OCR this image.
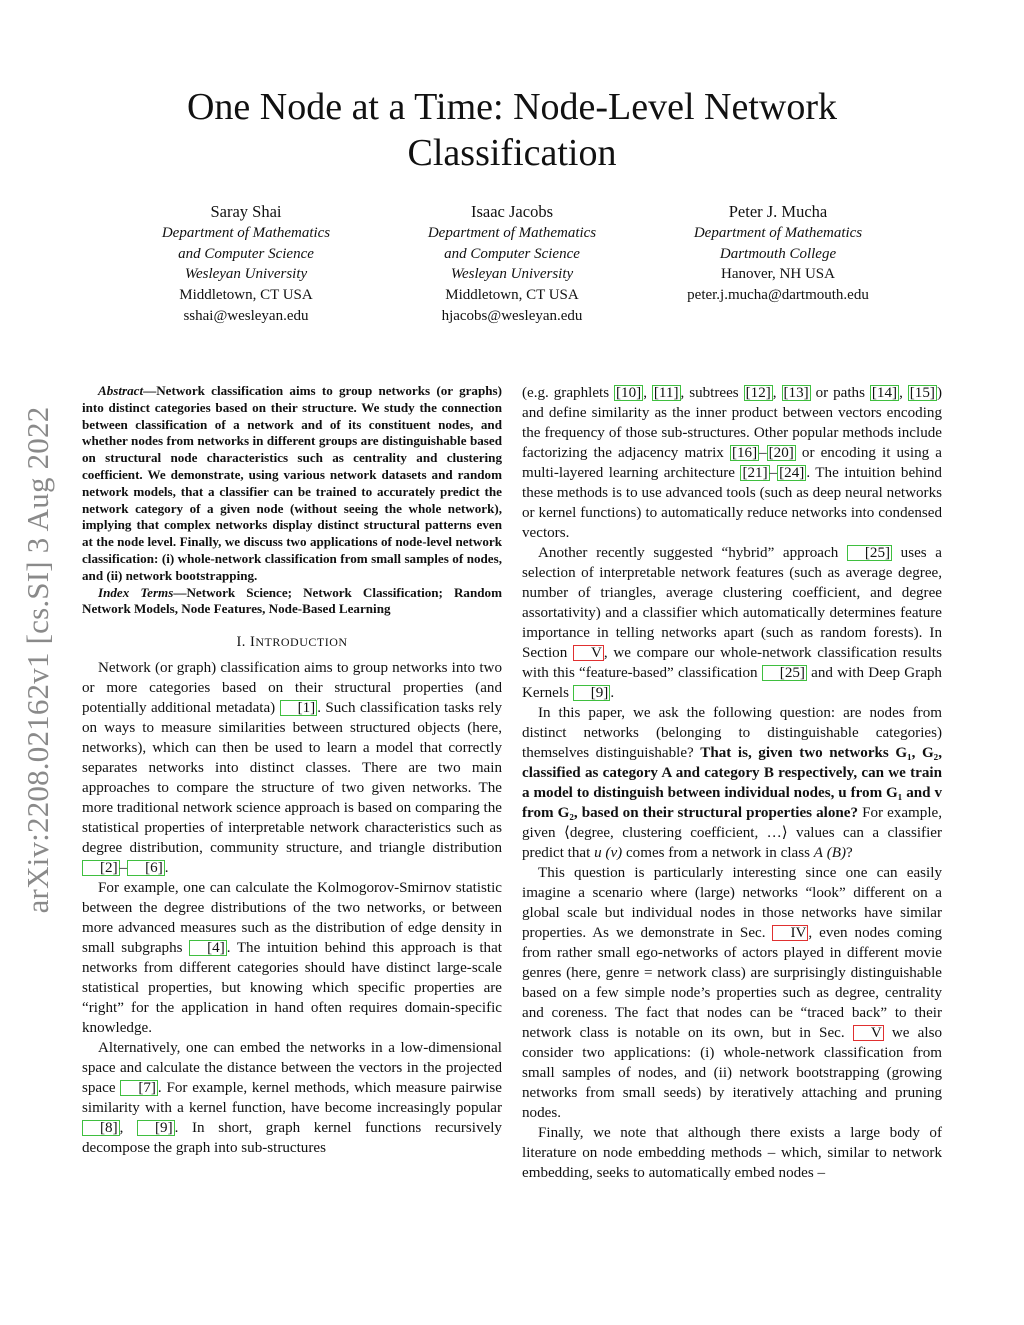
arXiv:2208.02162v1 [cs.SI] 3 Aug 2022
One Node at a Time: Node-Level Network
Classification
Saray Shai
Department of Mathematics
and Computer Science
Wesleyan University
Middletown, CT USA
sshai@wesleyan.edu
Isaac Jacobs
Department of Mathematics
and Computer Science
Wesleyan University
Middletown, CT USA
hjacobs@wesleyan.edu
Peter J. Mucha
Department of Mathematics
Dartmouth College
Hanover, NH USA
peter.j.mucha@dartmouth.edu

Abstract—Network classification aims to group networks (or graphs) into distinct categories based on their structure. We study the connection between classification of a network and of its constituent nodes, and whether nodes from networks in different groups are distinguishable based on structural node characteristics such as centrality and clustering coefficient. We demonstrate, using various network datasets and random network models, that a classifier can be trained to accurately predict the network category of a given node (without seeing the whole network), implying that complex networks display distinct structural patterns even at the node level. Finally, we discuss two applications of node-level network classification: (i) whole-network classification from small samples of nodes, and (ii) network bootstrapping.

Index Terms—Network Science; Network Classification; Random Network Models, Node Features, Node-Based Learning

I. INTRODUCTION

Network (or graph) classification aims to group networks into two or more categories based on their structural properties (and potentially additional metadata) [1] . Such classification tasks rely on ways to measure similarities between structured objects (here, networks), which can then be used to learn a model that correctly separates networks into distinct classes. There are two main approaches to compare the structure of two given networks. The more traditional network science approach is based on comparing the statistical properties of interpretable network characteristics such as degree distribution, community structure, and triangle distribution [2] – [6] .

For example, one can calculate the Kolmogorov-Smirnov statistic between the degree distributions of the two networks, or between more advanced measures such as the distribution of edge density in small subgraphs [4] . The intuition behind this approach is that networks from different categories should have distinct large-scale statistical properties, but knowing which specific properties are “right” for the application in hand often requires domain-specific knowledge.

Alternatively, one can embed the networks in a low-dimensional space and calculate the distance between the vectors in the projected space [7] . For example, kernel methods, which measure pairwise similarity with a kernel function, have become increasingly popular [8] , [9] . In short, graph kernel functions recursively decompose the graph into sub-structures

(e.g. graphlets [10] , [11] , subtrees [12] , [13] or paths [14] , [15] ) and define similarity as the inner product between vectors encoding the frequency of those sub-structures. Other popular methods include factorizing the adjacency matrix [16] – [20] or encoding it using a multi-layered learning architecture [21] – [24] . The intuition behind these methods is to use advanced tools (such as deep neural networks or kernel functions) to automatically reduce networks into condensed vectors.

Another recently suggested “hybrid” approach [25] uses a selection of interpretable network features (such as average degree, number of triangles, average clustering coefficient, and degree assortativity) and a classifier which automatically determines feature importance in telling networks apart (such as random forests). In Section V , we compare our whole-network classification results with this “feature-based” classification [25] and with Deep Graph Kernels [9] .

In this paper, we ask the following question: are nodes from distinct networks (belonging to distinguishable categories) themselves distinguishable? That is, given two networks G₁, G₂, classified as category A and category B respectively, can we train a model to distinguish between individual nodes, u from G₁ and v from G₂, based on their structural properties alone? For example, given ⟨degree, clustering coefficient, …⟩ values can a classifier predict that u (v) comes from a network in class A (B)?

This question is particularly interesting since one can easily imagine a scenario where (large) networks “look” different on a global scale but individual nodes in those networks have similar properties. As we demonstrate in Sec. IV , even nodes coming from rather small ego-networks of actors played in different movie genres (here, genre = network class) are surprisingly distinguishable based on a few simple node’s properties such as degree, centrality and coreness. The fact that nodes can be “traced back” to their network class is notable on its own, but in Sec. V we also consider two applications: (i) whole-network classification from small samples of nodes, and (ii) network bootstrapping (growing networks from small seeds) by iteratively attaching and pruning nodes.

Finally, we note that although there exists a large body of literature on node embedding methods – which, similar to network embedding, seeks to automatically embed nodes –
